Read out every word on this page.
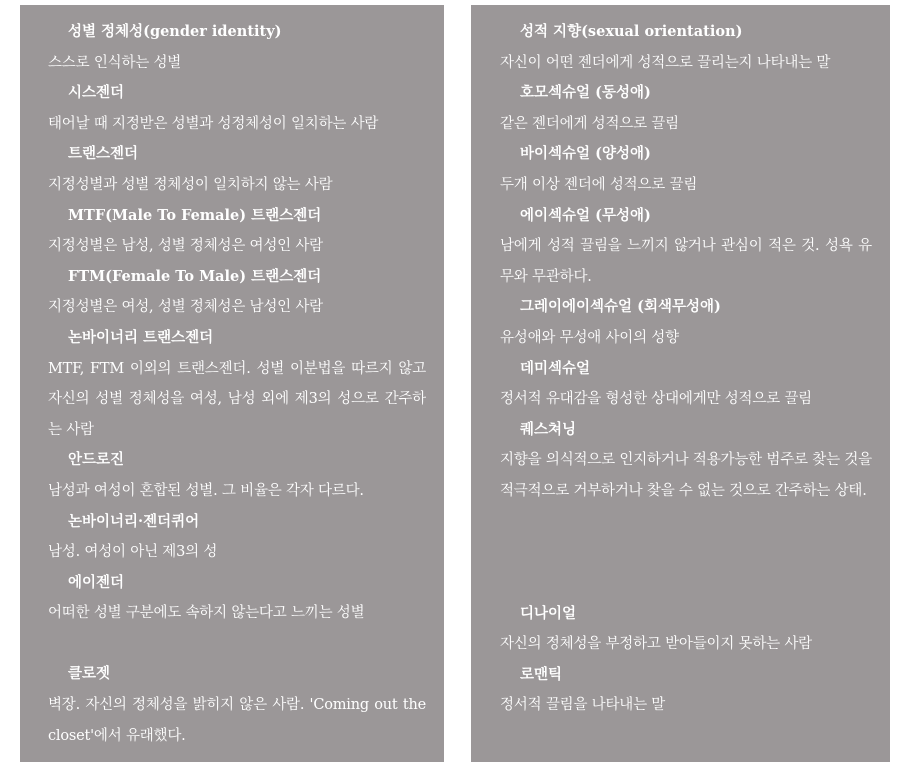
성별 정체성(gender identity)

스스로 인식하는 성별

시스젠더

태어날 때 지정받은 성별과 성정체성이 일치하는 사람

트랜스젠더

지정성별과 성별 정체성이 일치하지 않는 사람

MTF(Male To Female) 트랜스젠더

지정성별은 남성, 성별 정체성은 여성인 사람

FTM(Female To Male) 트랜스젠더

지정성별은 여성, 성별 정체성은 남성인 사람

논바이너리 트랜스젠더

MTF, FTM 이외의 트랜스젠더. 성별 이분법을 따르지 않고 자신의 성별 정체성을 여성, 남성 외에 제3의 성으로 간주하는 사람

안드로진

남성과 여성이 혼합된 성별. 그 비율은 각자 다르다.

논바이너리·젠더퀴어

남성. 여성이 아닌 제3의 성

에이젠더

어떠한 성별 구분에도 속하지 않는다고 느끼는 성별

클로젯

벽장. 자신의 정체성을 밝히지 않은 사람. 'Coming out the closet'에서 유래했다.

성적 지향(sexual orientation)

자신이 어떤 젠더에게 성적으로 끌리는지 나타내는 말

호모섹슈얼 (동성애)

같은 젠더에게 성적으로 끌림

바이섹슈얼 (양성애)

두개 이상 젠더에 성적으로 끌림

에이섹슈얼 (무성애)

남에게 성적 끌림을 느끼지 않거나 관심이 적은 것. 성욕 유무와 무관하다.

그레이에이섹슈얼 (회색무성애)

유성애와 무성애 사이의 성향

데미섹슈얼

정서적 유대감을 형성한 상대에게만 성적으로 끌림

퀘스쳐닝

지향을 의식적으로 인지하거나 적용가능한 범주로 찾는 것을 적극적으로 거부하거나 찾을 수 없는 것으로 간주하는 상태.

디나이얼

자신의 정체성을 부정하고 받아들이지 못하는 사람

로맨틱

정서적 끌림을 나타내는 말
